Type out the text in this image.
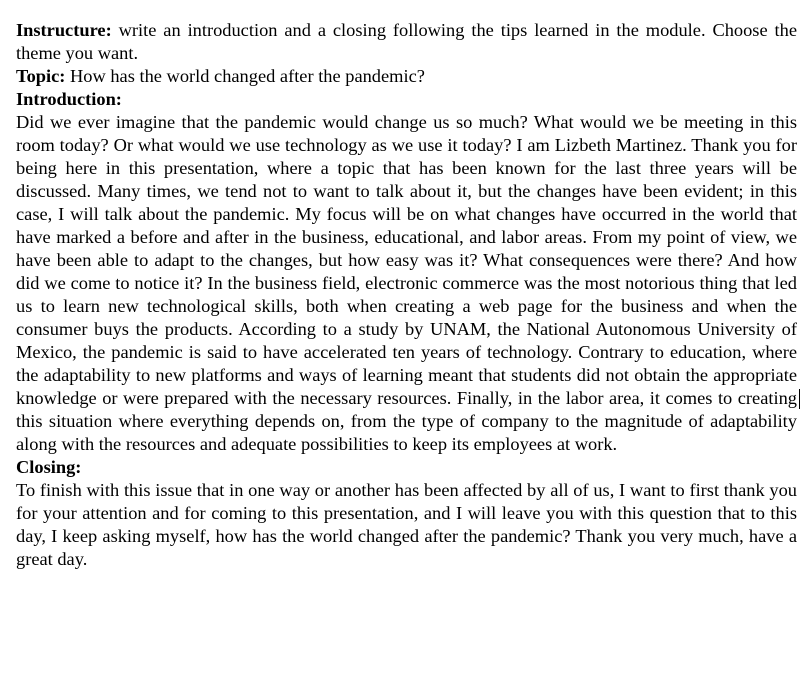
Instructure: write an introduction and a closing following the tips learned in the module. Choose the theme you want.

Topic: How has the world changed after the pandemic?

Introduction:

Did we ever imagine that the pandemic would change us so much? What would we be meeting in this room today? Or what would we use technology as we use it today? I am Lizbeth Martinez. Thank you for being here in this presentation, where a topic that has been known for the last three years will be discussed. Many times, we tend not to want to talk about it, but the changes have been evident; in this case, I will talk about the pandemic. My focus will be on what changes have occurred in the world that have marked a before and after in the business, educational, and labor areas. From my point of view, we have been able to adapt to the changes, but how easy was it? What consequences were there? And how did we come to notice it? In the business field, electronic commerce was the most notorious thing that led us to learn new technological skills, both when creating a web page for the business and when the consumer buys the products. According to a study by UNAM, the National Autonomous University of Mexico, the pandemic is said to have accelerated ten years of technology. Contrary to education, where the adaptability to new platforms and ways of learning meant that students did not obtain the appropriate knowledge or were prepared with the necessary resources. Finally, in the labor area, it comes to creating this situation where everything depends on, from the type of company to the magnitude of adaptability along with the resources and adequate possibilities to keep its employees at work.

Closing:

To finish with this issue that in one way or another has been affected by all of us, I want to first thank you for your attention and for coming to this presentation, and I will leave you with this question that to this day, I keep asking myself, how has the world changed after the pandemic? Thank you very much, have a great day.
